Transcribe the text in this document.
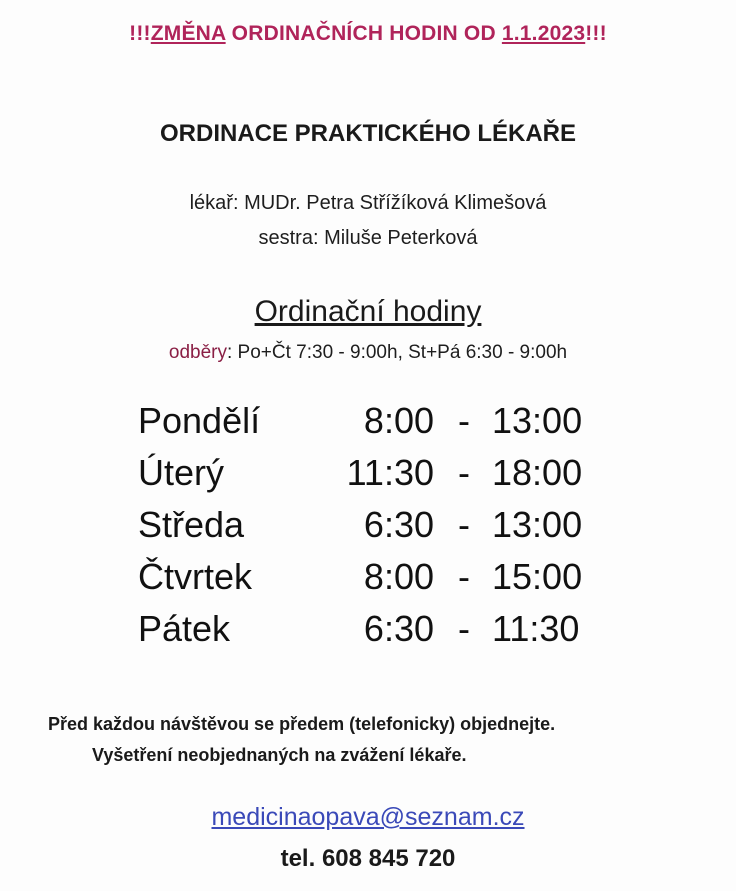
!!!ZMĚNA ORDINAČNÍCH HODIN OD 1.1.2023!!!
ORDINACE PRAKTICKÉHO LÉKAŘE
lékař: MUDr. Petra Střížíková Klimešová
sestra: Miluše Peterková
Ordinační hodiny
odběry: Po+Čt 7:30 - 9:00h, St+Pá 6:30 - 9:00h
Pondělí	8:00 - 13:00
Úterý	11:30 - 18:00
Středa	6:30 - 13:00
Čtvrtek	8:00 - 15:00
Pátek	6:30 - 11:30
Před každou návštěvou se předem (telefonicky) objednejte.
Vyšetření neobjednaných na zvážení lékaře.
medicinaopava@seznam.cz
tel. 608 845 720
